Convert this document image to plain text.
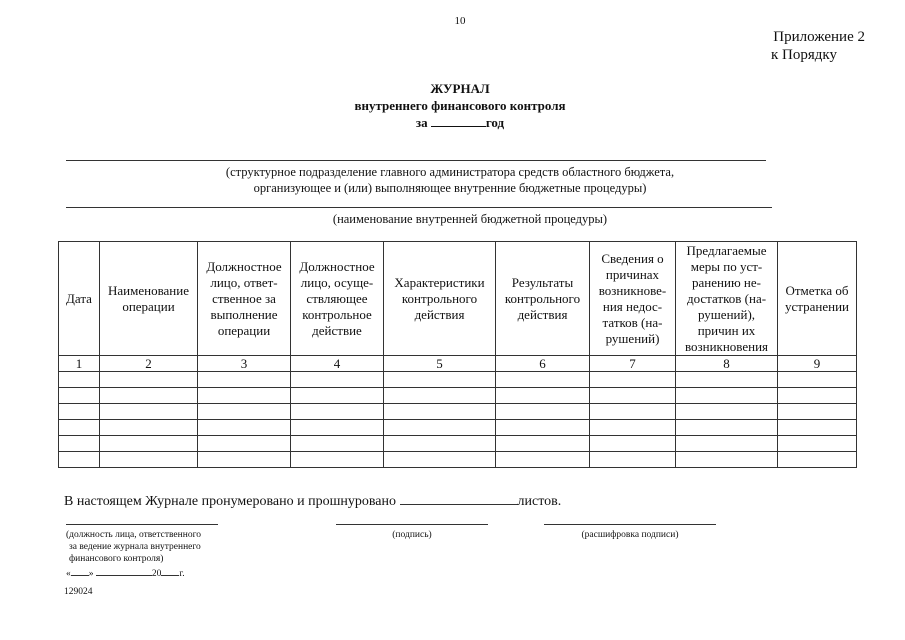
10
Приложение 2
к Порядку
ЖУРНАЛ
внутреннего финансового контроля
за	год
(структурное подразделение главного администратора средств областного бюджета,
организующее и (или) выполняющее внутренние бюджетные процедуры)
(наименование внутренней бюджетной процедуры)
Дата	Наименование операции	Должностное лицо, ответ-ственное за выполнение операции	Должностное лицо, осуще-ствляющее контрольное действие	Характеристики контрольного действия	Результаты контрольного действия	Сведения о причинах возникнове-ния недос-татков (на-рушений)	Предлагаемые меры по уст-ранению не-достатков (на-рушений), причин их возникновения	Отметка об устранении
1	2	3	4	5	6	7	8	9

В настоящем Журнале пронумеровано и прошнуровано	листов.
(должность лица, ответственного
за ведение журнала внутреннего
финансового контроля)
(подпись)	(расшифровка подписи)
« »	20 г.
129024
